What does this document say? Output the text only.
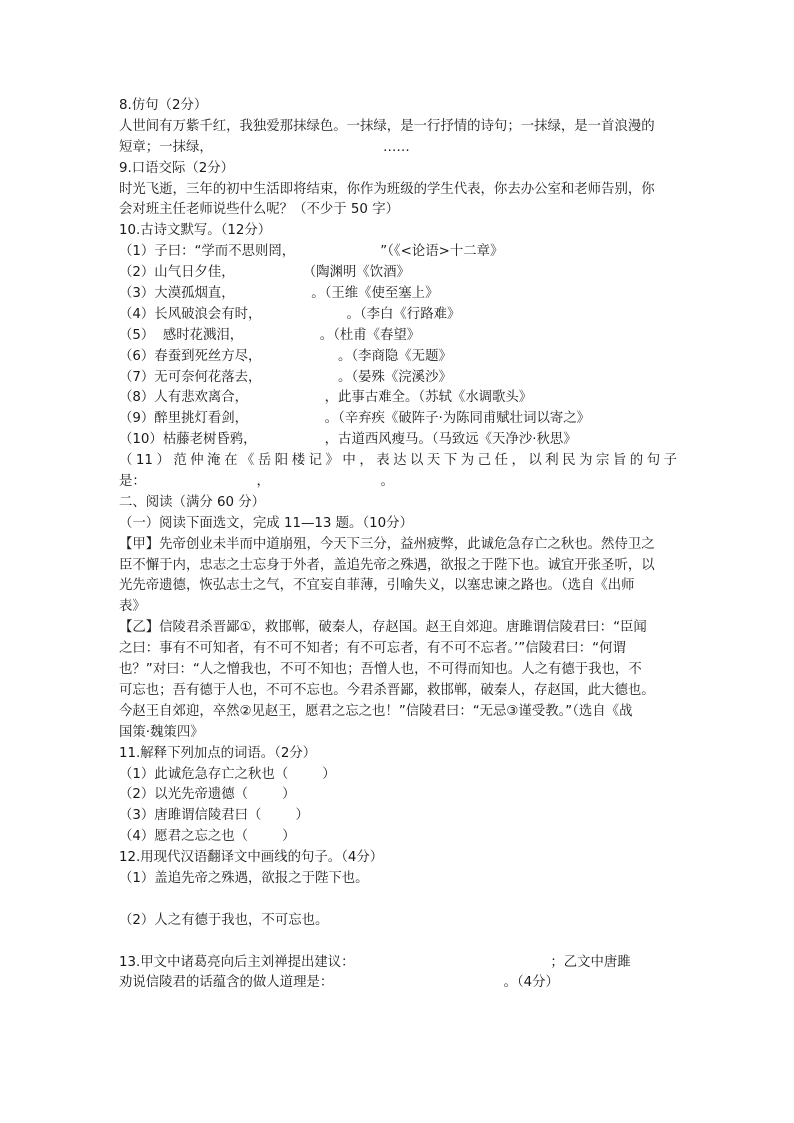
8.仿句（2分）
人世间有万紫千红，我独爱那抹绿色。一抹绿，是一行抒情的诗句；一抹绿，是一首浪漫的
短章；一抹绿，                                        ……
9.口语交际（2分）
时光飞逝，三年的初中生活即将结束，你作为班级的学生代表，你去办公室和老师告别，你
会对班主任老师说些什么呢？（不少于 50 字）
10.古诗文默写。（12分）
（1）子曰：“学而不思则罔，                    ”（《<论语>十二章》
（2）山气日夕佳，                （陶渊明《饮酒》
（3）大漠孤烟直，                  。（王维《使至塞上》
（4）长风破浪会有时，                    。（李白《行路难》
（5）  感时花溅泪，                  。（杜甫《春望》
（6）春蚕到死丝方尽，                  。（李商隐《无题》
（7）无可奈何花落去，                  。（晏殊《浣溪沙》
（8）人有悲欢离合，                  ，此事古难全。（苏轼《水调歌头》
（9）醉里挑灯看剑，                  。（辛弃疾《破阵子·为陈同甫赋壮词以寄之》
（10）枯藤老树昏鸦，                ，古道西风瘦马。（马致远《天净沙·秋思》
（11）范仲淹在《岳阳楼记》中，表达以天下为己任，以利民为宗旨的句子
是：                          ，                          。
二、阅读（满分 60 分）
（一）阅读下面选文，完成 11—13 题。（10分）
【甲】先帝创业未半而中道崩殂，今天下三分，益州疲弊，此诚危急存亡之秋也。然侍卫之
臣不懈于内，忠志之士忘身于外者，盖追先帝之殊遇，欲报之于陛下也。诚宜开张圣听，以
光先帝遗德，恢弘志士之气，不宜妄自菲薄，引喻失义，以塞忠谏之路也。（选自《出师
表》
【乙】信陵君杀晋鄙①，救邯郸，破秦人，存赵国。赵王自郊迎。唐雎谓信陵君曰：“臣闻
之曰：事有不可知者，有不可不知者；有不可忘者，有不可不忘者。’”信陵君曰：“何谓
也？”对曰：“人之憎我也，不可不知也；吾憎人也，不可得而知也。人之有德于我也，不
可忘也；吾有德于人也，不可不忘也。今君杀晋鄙，救邯郸，破秦人，存赵国，此大德也。
今赵王自郊迎，卒然②见赵王，愿君之忘之也！”信陵君曰：“无忌③谨受教。”（选自《战
国策·魏策四》
11.解释下列加点的词语。（2分）
（1）此诚危急存亡之秋也（        ）
（2）以光先帝遗德（        ）
（3）唐雎谓信陵君曰（        ）
（4）愿君之忘之也（        ）
12.用现代汉语翻译文中画线的句子。（4分）
（1）盖追先帝之殊遇，欲报之于陛下也。
（2）人之有德于我也，不可忘也。
13.甲文中诸葛亮向后主刘禅提出建议：                                              ；乙文中唐雎
劝说信陵君的话蕴含的做人道理是：                                        。（4分）
